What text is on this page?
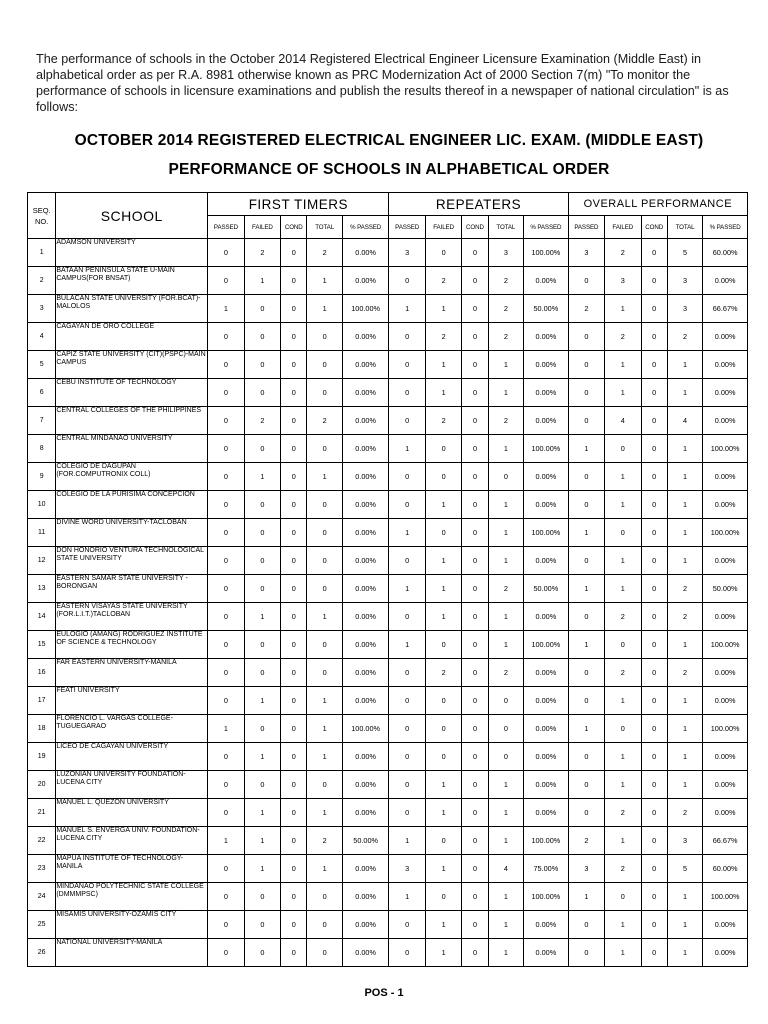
The performance of schools in the October 2014 Registered Electrical Engineer Licensure Examination (Middle East) in alphabetical order as per R.A. 8981 otherwise known as PRC Modernization Act of 2000 Section 7(m) "To monitor the performance of schools in licensure examinations and publish the results thereof in a newspaper of national circulation" is as follows:
OCTOBER 2014 REGISTERED ELECTRICAL ENGINEER LIC. EXAM. (MIDDLE EAST)
PERFORMANCE OF SCHOOLS IN ALPHABETICAL ORDER
SEQ.
NO.	SCHOOL	FIRST TIMERS					REPEATERS					OVERALL PERFORMANCE				
		PASSED	FAILED	COND	TOTAL	% PASSED	PASSED	FAILED	COND	TOTAL	% PASSED	PASSED	FAILED	COND	TOTAL	% PASSED
1	ADAMSON UNIVERSITY	0	2	0	2	0.00%	3	0	0	3	100.00%	3	2	0	5	60.00%
2	BATAAN PENINSULA STATE U-MAIN CAMPUS(FOR BNSAT)	0	1	0	1	0.00%	0	2	0	2	0.00%	0	3	0	3	0.00%
3	BULACAN STATE UNIVERSITY (FOR.BCAT)-MALOLOS	1	0	0	1	100.00%	1	1	0	2	50.00%	2	1	0	3	66.67%
4	CAGAYAN DE ORO COLLEGE	0	0	0	0	0.00%	0	2	0	2	0.00%	0	2	0	2	0.00%
5	CAPIZ STATE UNIVERSITY (CIT)(PSPC)-MAIN CAMPUS	0	0	0	0	0.00%	0	1	0	1	0.00%	0	1	0	1	0.00%
6	CEBU INSTITUTE OF TECHNOLOGY	0	0	0	0	0.00%	0	1	0	1	0.00%	0	1	0	1	0.00%
7	CENTRAL COLLEGES OF THE PHILIPPINES	0	2	0	2	0.00%	0	2	0	2	0.00%	0	4	0	4	0.00%
8	CENTRAL MINDANAO UNIVERSITY	0	0	0	0	0.00%	1	0	0	1	100.00%	1	0	0	1	100.00%
9	COLEGIO DE DAGUPAN (FOR.COMPUTRONIX COLL)	0	1	0	1	0.00%	0	0	0	0	0.00%	0	1	0	1	0.00%
10	COLEGIO DE LA PURISIMA CONCEPCION	0	0	0	0	0.00%	0	1	0	1	0.00%	0	1	0	1	0.00%
11	DIVINE WORD UNIVERSITY-TACLOBAN	0	0	0	0	0.00%	1	0	0	1	100.00%	1	0	0	1	100.00%
12	DON HONORIO VENTURA TECHNOLOGICAL STATE UNIVERSITY	0	0	0	0	0.00%	0	1	0	1	0.00%	0	1	0	1	0.00%
13	EASTERN SAMAR STATE UNIVERSITY - BORONGAN	0	0	0	0	0.00%	1	1	0	2	50.00%	1	1	0	2	50.00%
14	EASTERN VISAYAS STATE UNIVERSITY (FOR.L.I.T.)TACLOBAN	0	1	0	1	0.00%	0	1	0	1	0.00%	0	2	0	2	0.00%
15	EULOGIO (AMANG) RODRIGUEZ INSTITUTE OF SCIENCE & TECHNOLOGY	0	0	0	0	0.00%	1	0	0	1	100.00%	1	0	0	1	100.00%
16	FAR EASTERN UNIVERSITY-MANILA	0	0	0	0	0.00%	0	2	0	2	0.00%	0	2	0	2	0.00%
17	FEATI UNIVERSITY	0	1	0	1	0.00%	0	0	0	0	0.00%	0	1	0	1	0.00%
18	FLORENCIO L. VARGAS COLLEGE-TUGUEGARAO	1	0	0	1	100.00%	0	0	0	0	0.00%	1	0	0	1	100.00%
19	LICEO DE CAGAYAN UNIVERSITY	0	1	0	1	0.00%	0	0	0	0	0.00%	0	1	0	1	0.00%
20	LUZONIAN UNIVERSITY FOUNDATION-LUCENA CITY	0	0	0	0	0.00%	0	1	0	1	0.00%	0	1	0	1	0.00%
21	MANUEL L. QUEZON UNIVERSITY	0	1	0	1	0.00%	0	1	0	1	0.00%	0	2	0	2	0.00%
22	MANUEL S. ENVERGA UNIV. FOUNDATION-LUCENA CITY	1	1	0	2	50.00%	1	0	0	1	100.00%	2	1	0	3	66.67%
23	MAPUA INSTITUTE OF TECHNOLOGY-MANILA	0	1	0	1	0.00%	3	1	0	4	75.00%	3	2	0	5	60.00%
24	MINDANAO POLYTECHNIC STATE COLLEGE (DMMMPSC)	0	0	0	0	0.00%	1	0	0	1	100.00%	1	0	0	1	100.00%
25	MISAMIS UNIVERSITY-OZAMIS CITY	0	0	0	0	0.00%	0	1	0	1	0.00%	0	1	0	1	0.00%
26	NATIONAL UNIVERSITY-MANILA	0	0	0	0	0.00%	0	1	0	1	0.00%	0	1	0	1	0.00%
POS - 1
